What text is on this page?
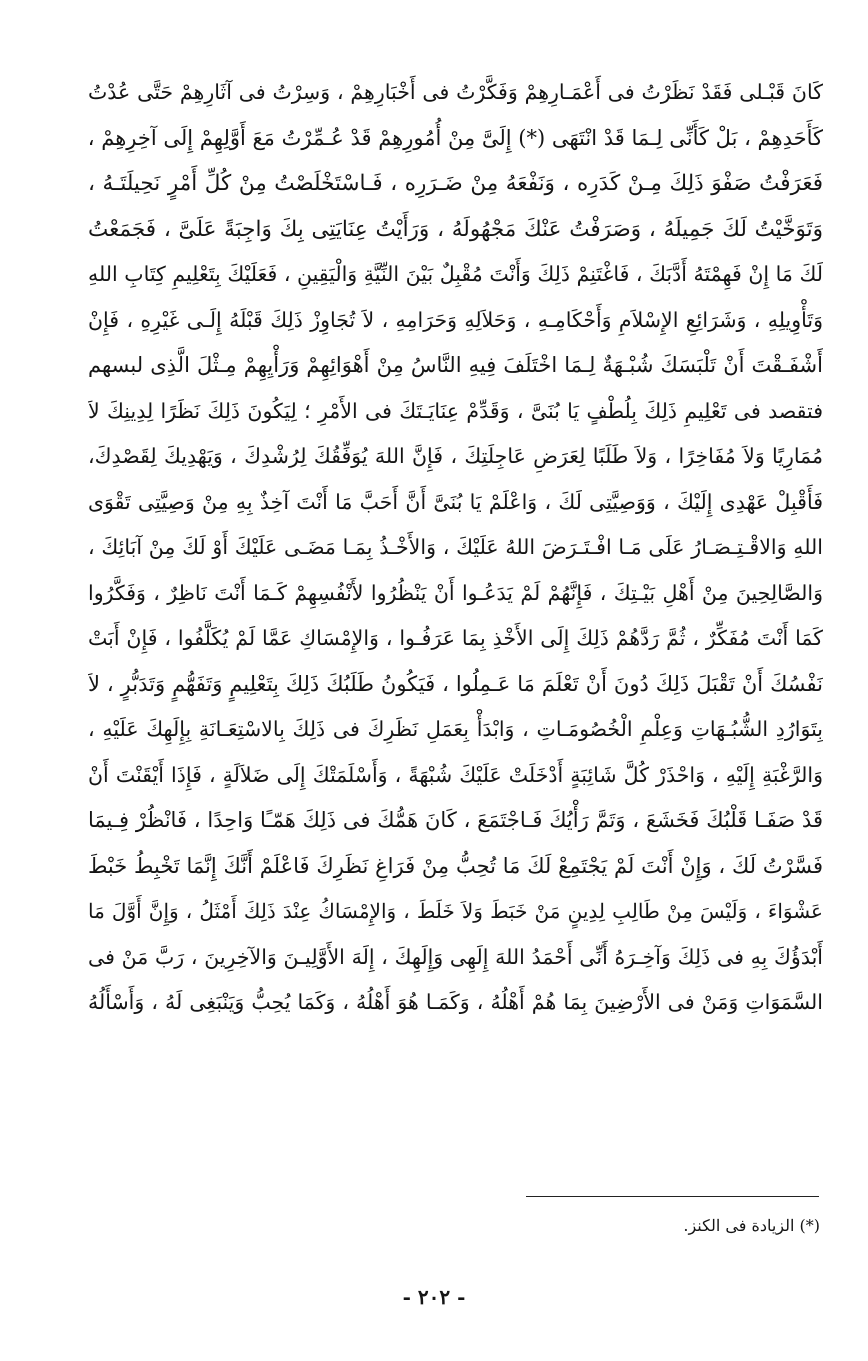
كَانَ قَبْـلى فَقَدْ نَظَرْتُ فى أَعْمَـارِهِمْ وَفَكَّرْتُ فى أَخْبَارِهِمْ ، وَسِرْتُ فى آثَارِهِمْ حَتَّى عُدْتُ
كَأَحَدِهِمْ ، بَلْ كَأَنِّى لِـمَا قَدْ انْتَهَى (*) إِلَىَّ مِنْ أُمُورِهِمْ قَدْ عُـمِّرْتُ مَعَ أَوَّلِهِمْ إِلَى آخِرِهِمْ ،
فَعَرَفْتُ صَفْوَ ذَلِكَ مِـنْ كَدَرِه ، وَنَفْعَهُ مِنْ ضَـرَرِه ، فَـاسْتَخْلَصْتُ مِنْ كُلِّ أَمْرٍ نَحِيلَتَـهُ ،
وَتَوَخَّيْتُ لَكَ جَمِيلَهُ ، وَصَرَفْتُ عَنْكَ مَجْهُولَهُ ، وَرَأَيْتُ عِنَايَتِى بِكَ وَاجِبَةً عَلَىَّ ، فَجَمَعْتُ
لَكَ مَا إِنْ فَهِمْتَهُ أَدَّبَكَ ، فَاغْتَنِمْ ذَلِكَ وَأَنْتَ مُقْبِلٌ بَيْنَ النِّيَّةِ وَالْيَقِينِ ، فَعَلَيْكَ بِتَعْلِيمِ كِتَابِ اللهِ
وَتَأْوِيلِهِ ، وَشَرَائِعِ الإِسْلاَمِ وَأَحْكَامِـهِ ، وَحَلاَلِهِ وَحَرَامِهِ ، لاَ تُجَاوِزْ ذَلِكَ قَبْلَهُ إِلَـى غَيْرِهِ ، فَإِنْ
أَشْفَـقْتَ أَنْ تَلْبَسَكَ شُبْـهَةٌ لِـمَا اخْتَلَفَ فِيهِ النَّاسُ مِنْ أَهْوَائِهِمْ وَرَأْيِهِمْ مِـثْلَ الَّذِى لبسهم
فتقصد فى تَعْلِيمِ ذَلِكَ بِلُطْفٍ يَا بُنَىَّ ، وَقَدِّمْ عِنَايَـتَكَ فى الأَمْرِ ؛ لِيَكُونَ ذَلِكَ نَظَرًا لِدِينِكَ لاَ
مُمَارِيًا وَلاَ مُفَاخِرًا ، وَلاَ طَلَبًا لِعَرَضِ عَاجِلَتِكَ ، فَإِنَّ اللهَ يُوَفِّقُكَ لِرُشْدِكَ ، وَيَهْدِيكَ لِقَصْدِكَ،
فَأَقْبِلْ عَهْدِى إِلَيْكَ ، وَوَصِيَّتِى لَكَ ، وَاعْلَمْ يَا بُنَىَّ أَنَّ أَحَبَّ مَا أَنْتَ آخِذٌ بِهِ مِنْ وَصِيَّتِى تَقْوَى
اللهِ وَالاقْـتِـصَـارُ عَلَى مَـا افْـتَـرَضَ اللهُ عَلَيْكَ ، وَالأَخْـذُ بِمَـا مَضَـى عَلَيْكَ أَوْ لَكَ مِنْ آبَائِكَ ،
وَالصَّالِحِينَ مِنْ أَهْلِ بَيْـتِكَ ، فَإِنَّهُمْ لَمْ يَدَعُـوا أَنْ يَنْظُرُوا لأَنْفُسِهِمْ كَـمَا أَنْتَ نَاظِرٌ ، وَفَكَّرُوا
كَمَا أَنْتَ مُفَكِّرٌ ، ثُمَّ رَدَّهُمْ ذَلِكَ إِلَى الأَخْذِ بِمَا عَرَفُـوا ، وَالإِمْسَاكِ عَمَّا لَمْ يُكَلَّفُوا ، فَإِنْ أَبَتْ
نَفْسُكَ أَنْ تَقْبَلَ ذَلِكَ دُونَ أَنْ تَعْلَمَ مَا عَـمِلُوا ، فَيَكُونُ طَلَبُكَ ذَلِكَ بِتَعْلِيمٍ وَتَفَهُّمٍ وَتَدَبُّرٍ ، لاَ
بِتَوَارُدِ الشُّبُـهَاتِ وَعِلْمِ الْخُصُومَـاتِ ، وَابْدَأْ بِعَمَلِ نَظَرِكَ فى ذَلِكَ بِالاسْتِعَـانَةِ بِإِلَهِكَ عَلَيْهِ ،
وَالرَّغْبَةِ إِلَيْهِ ، وَاحْذَرْ كُلَّ شَائِبَةٍ أَدْخَلَتْ عَلَيْكَ شُبْهَةً ، وَأَسْلَمَتْكَ إِلَى ضَلاَلَةٍ ، فَإِذَا أَيْقَنْتَ أَنْ
قَدْ صَفَـا قَلْبُكَ فَخَشَعَ ، وَتَمَّ رَأْيُكَ فَـاجْتَمَعَ ، كَانَ هَمُّكَ فى ذَلِكَ هَمّـًا وَاحِدًا ، فَانْظُرْ فِـيمَا
فَسَّرْتُ لَكَ ، وَإِنْ أَنْتَ لَمْ يَجْتَمِعْ لَكَ مَا تُحِبُّ مِنْ فَرَاغِ نَظَرِكَ فَاعْلَمْ أَنَّكَ إِنَّمَا تَخْبِطُ خَبْطَ
عَشْوَاءَ ، وَلَيْسَ مِنْ طَالِبِ لِدِينٍ مَنْ خَبَطَ وَلاَ خَلَطَ ، وَالإِمْسَاكُ عِنْدَ ذَلِكَ أَمْثَلُ ، وَإِنَّ أَوَّلَ مَا
أَبْدَؤُكَ بِهِ فى ذَلِكَ وَآخِـرَهُ أَنِّى أَحْمَدُ اللهَ إِلَهِى وَإِلَهِكَ ، إِلَهَ الأَوَّلِيـنَ وَالآخِرِينَ ، رَبَّ مَنْ فى
السَّمَوَاتِ وَمَنْ فى الأَرْضِينَ بِمَا هُمْ أَهْلُهُ ، وَكَمَـا هُوَ أَهْلُهُ ، وَكَمَا يُحِبُّ وَيَنْبَغِى لَهُ ، وَأَسْأَلُهُ
(*) الزيادة فى الكنز.
- ٢٠٢ -
